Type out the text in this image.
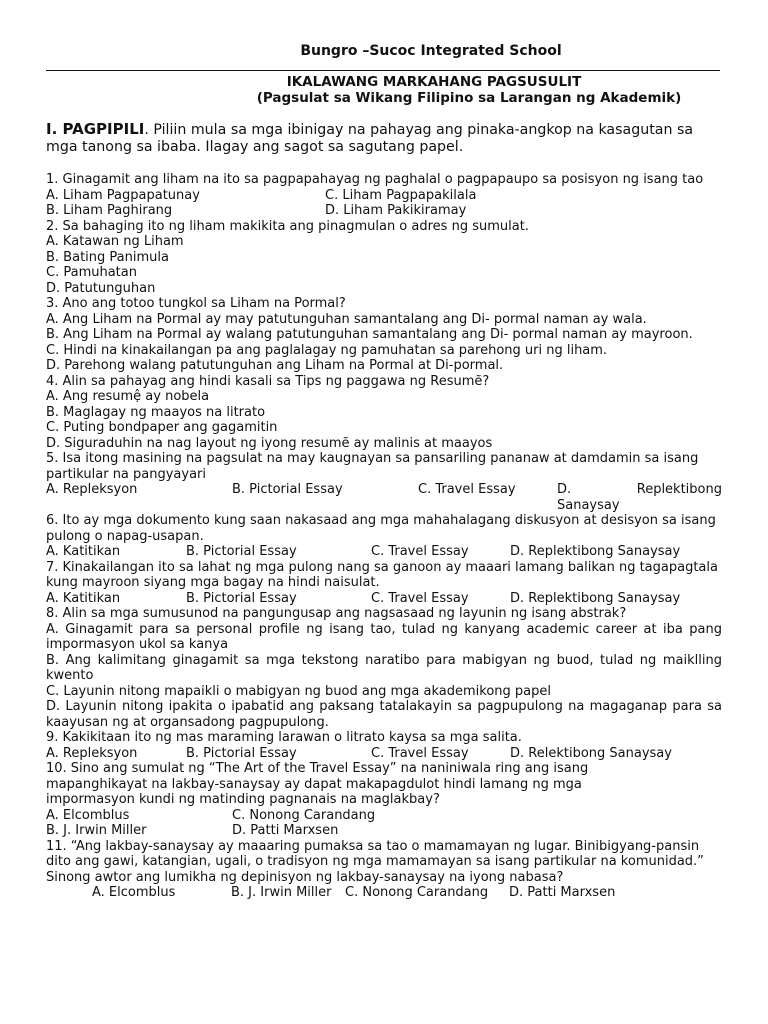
Bungro –Sucoc Integrated School
IKALAWANG MARKAHANG PAGSUSULIT
(Pagsulat sa Wikang Filipino sa Larangan ng Akademik)
I. PAGPIPILI. Piliin mula sa mga ibinigay na pahayag ang pinaka-angkop na kasagutan sa mga tanong sa ibaba. Ilagay ang sagot sa sagutang papel.
1. Ginagamit ang liham na ito sa pagpapahayag ng paghalal o pagpapaupo sa posisyon ng isang tao
A. Liham Pagpapatunay	C. Liham Pagpapakilala
B. Liham Paghirang	D. Liham Pakikiramay
2. Sa bahaging ito ng liham makikita ang pinagmulan o adres ng sumulat.
A. Katawan ng Liham
B. Bating Panimula
C. Pamuhatan
D. Patutunguhan
3. Ano ang totoo tungkol sa Liham na Pormal?
A. Ang Liham na Pormal ay may patutunguhan samantalang ang Di- pormal naman ay wala.
B. Ang Liham na Pormal ay walang patutunguhan samantalang ang Di- pormal naman ay mayroon.
C. Hindi na kinakailangan pa ang paglalagay ng pamuhatan sa parehong uri ng liham.
D. Parehong walang patutunguhan ang Liham na Pormal at Di-pormal.
4. Alin sa pahayag ang hindi kasali sa Tips ng paggawa ng Resumẽ?
A. Ang resumệ ay nobela
B. Maglagay ng maayos na litrato
C. Puting bondpaper ang gagamitin
D. Siguraduhin na nag layout ng iyong resumẽ ay malinis at maayos
5. Isa itong masining na pagsulat na may kaugnayan sa pansariling pananaw at damdamin sa isang partikular na pangyayari
A. Repleksyon	B. Pictorial Essay	C. Travel Essay	D. Replektibong Sanaysay
6. Ito ay mga dokumento kung saan nakasaad ang mga mahahalagang diskusyon at desisyon sa isang pulong o napag-usapan.
A. Katitikan	B. Pictorial Essay	C. Travel Essay	D. Replektibong Sanaysay
7. Kinakailangan ito sa lahat ng mga pulong nang sa ganoon ay maaari lamang balikan ng tagapagtala kung mayroon siyang mga bagay na hindi naisulat.
A. Katitikan	B. Pictorial Essay	C. Travel Essay	D. Replektibong Sanaysay
8. Alin sa mga sumusunod na pangungusap ang nagsasaad ng layunin ng isang abstrak?
A. Ginagamit para sa personal profile ng isang tao, tulad ng kanyang academic career at iba pang impormasyon ukol sa kanya
B. Ang kalimitang ginagamit sa mga tekstong naratibo para mabigyan ng buod, tulad ng maiklling kwento
C. Layunin nitong mapaikli o mabigyan ng buod ang mga akademikong papel
D. Layunin nitong ipakita o ipabatid ang paksang tatalakayin sa pagpupulong na magaganap para sa kaayusan ng at organsadong pagpupulong.
9. Kakikitaan ito ng mas maraming larawan o litrato kaysa sa mga salita.
A. Repleksyon	B. Pictorial Essay	C. Travel Essay	D. Relektibong Sanaysay
10. Sino ang sumulat ng “The Art of the Travel Essay” na naniniwala ring ang isang mapanghikayat na lakbay-sanaysay ay dapat makapagdulot hindi lamang ng mga impormasyon kundi ng matinding pagnanais na maglakbay?
A. Elcomblus	C. Nonong Carandang
B. J. Irwin Miller	D. Patti Marxsen
11. “Ang lakbay-sanaysay ay maaaring pumaksa sa tao o mamamayan ng lugar. Binibigyang-pansin dito ang gawi, katangian, ugali, o tradisyon ng mga mamamayan sa isang partikular na komunidad.” Sinong awtor ang lumikha ng depinisyon ng lakbay-sanaysay na iyong nabasa?
A. Elcomblus	B. J. Irwin Miller	C. Nonong Carandang	D. Patti Marxsen
